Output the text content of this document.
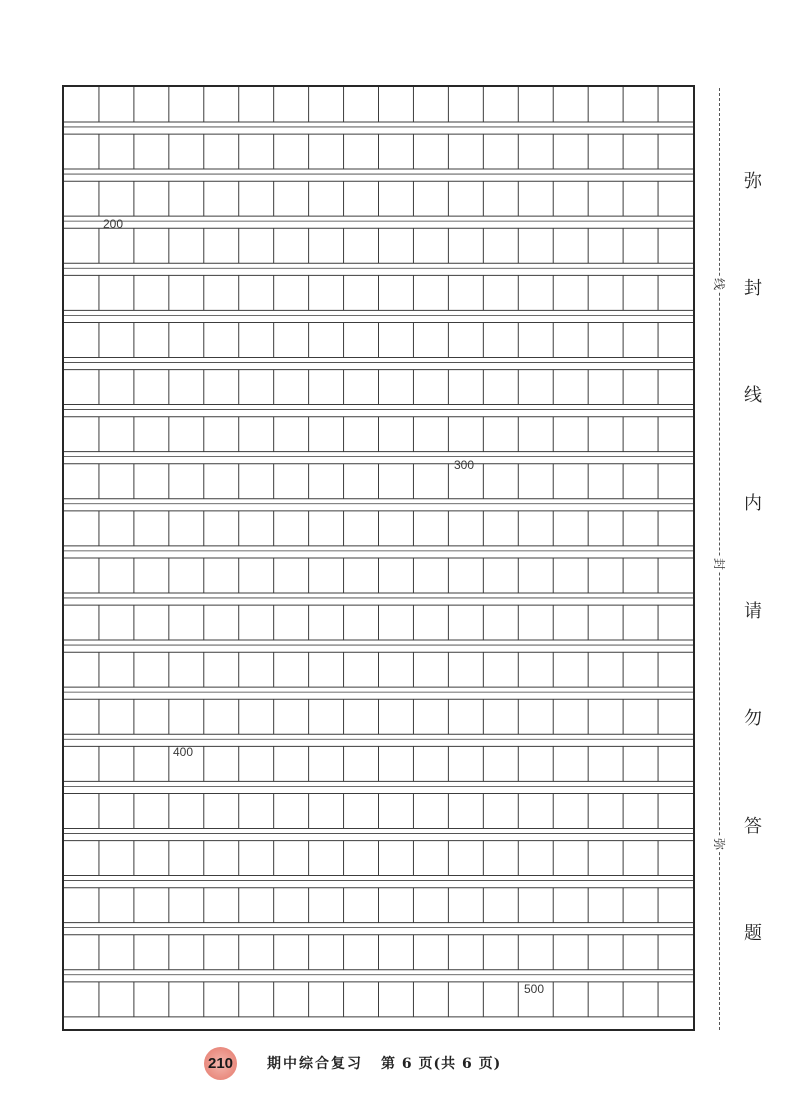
200
300
400
500
线
封
弥
弥
封
线
内
请
勿
答
题
210 期中综合复习 第 6 页(共 6 页)
